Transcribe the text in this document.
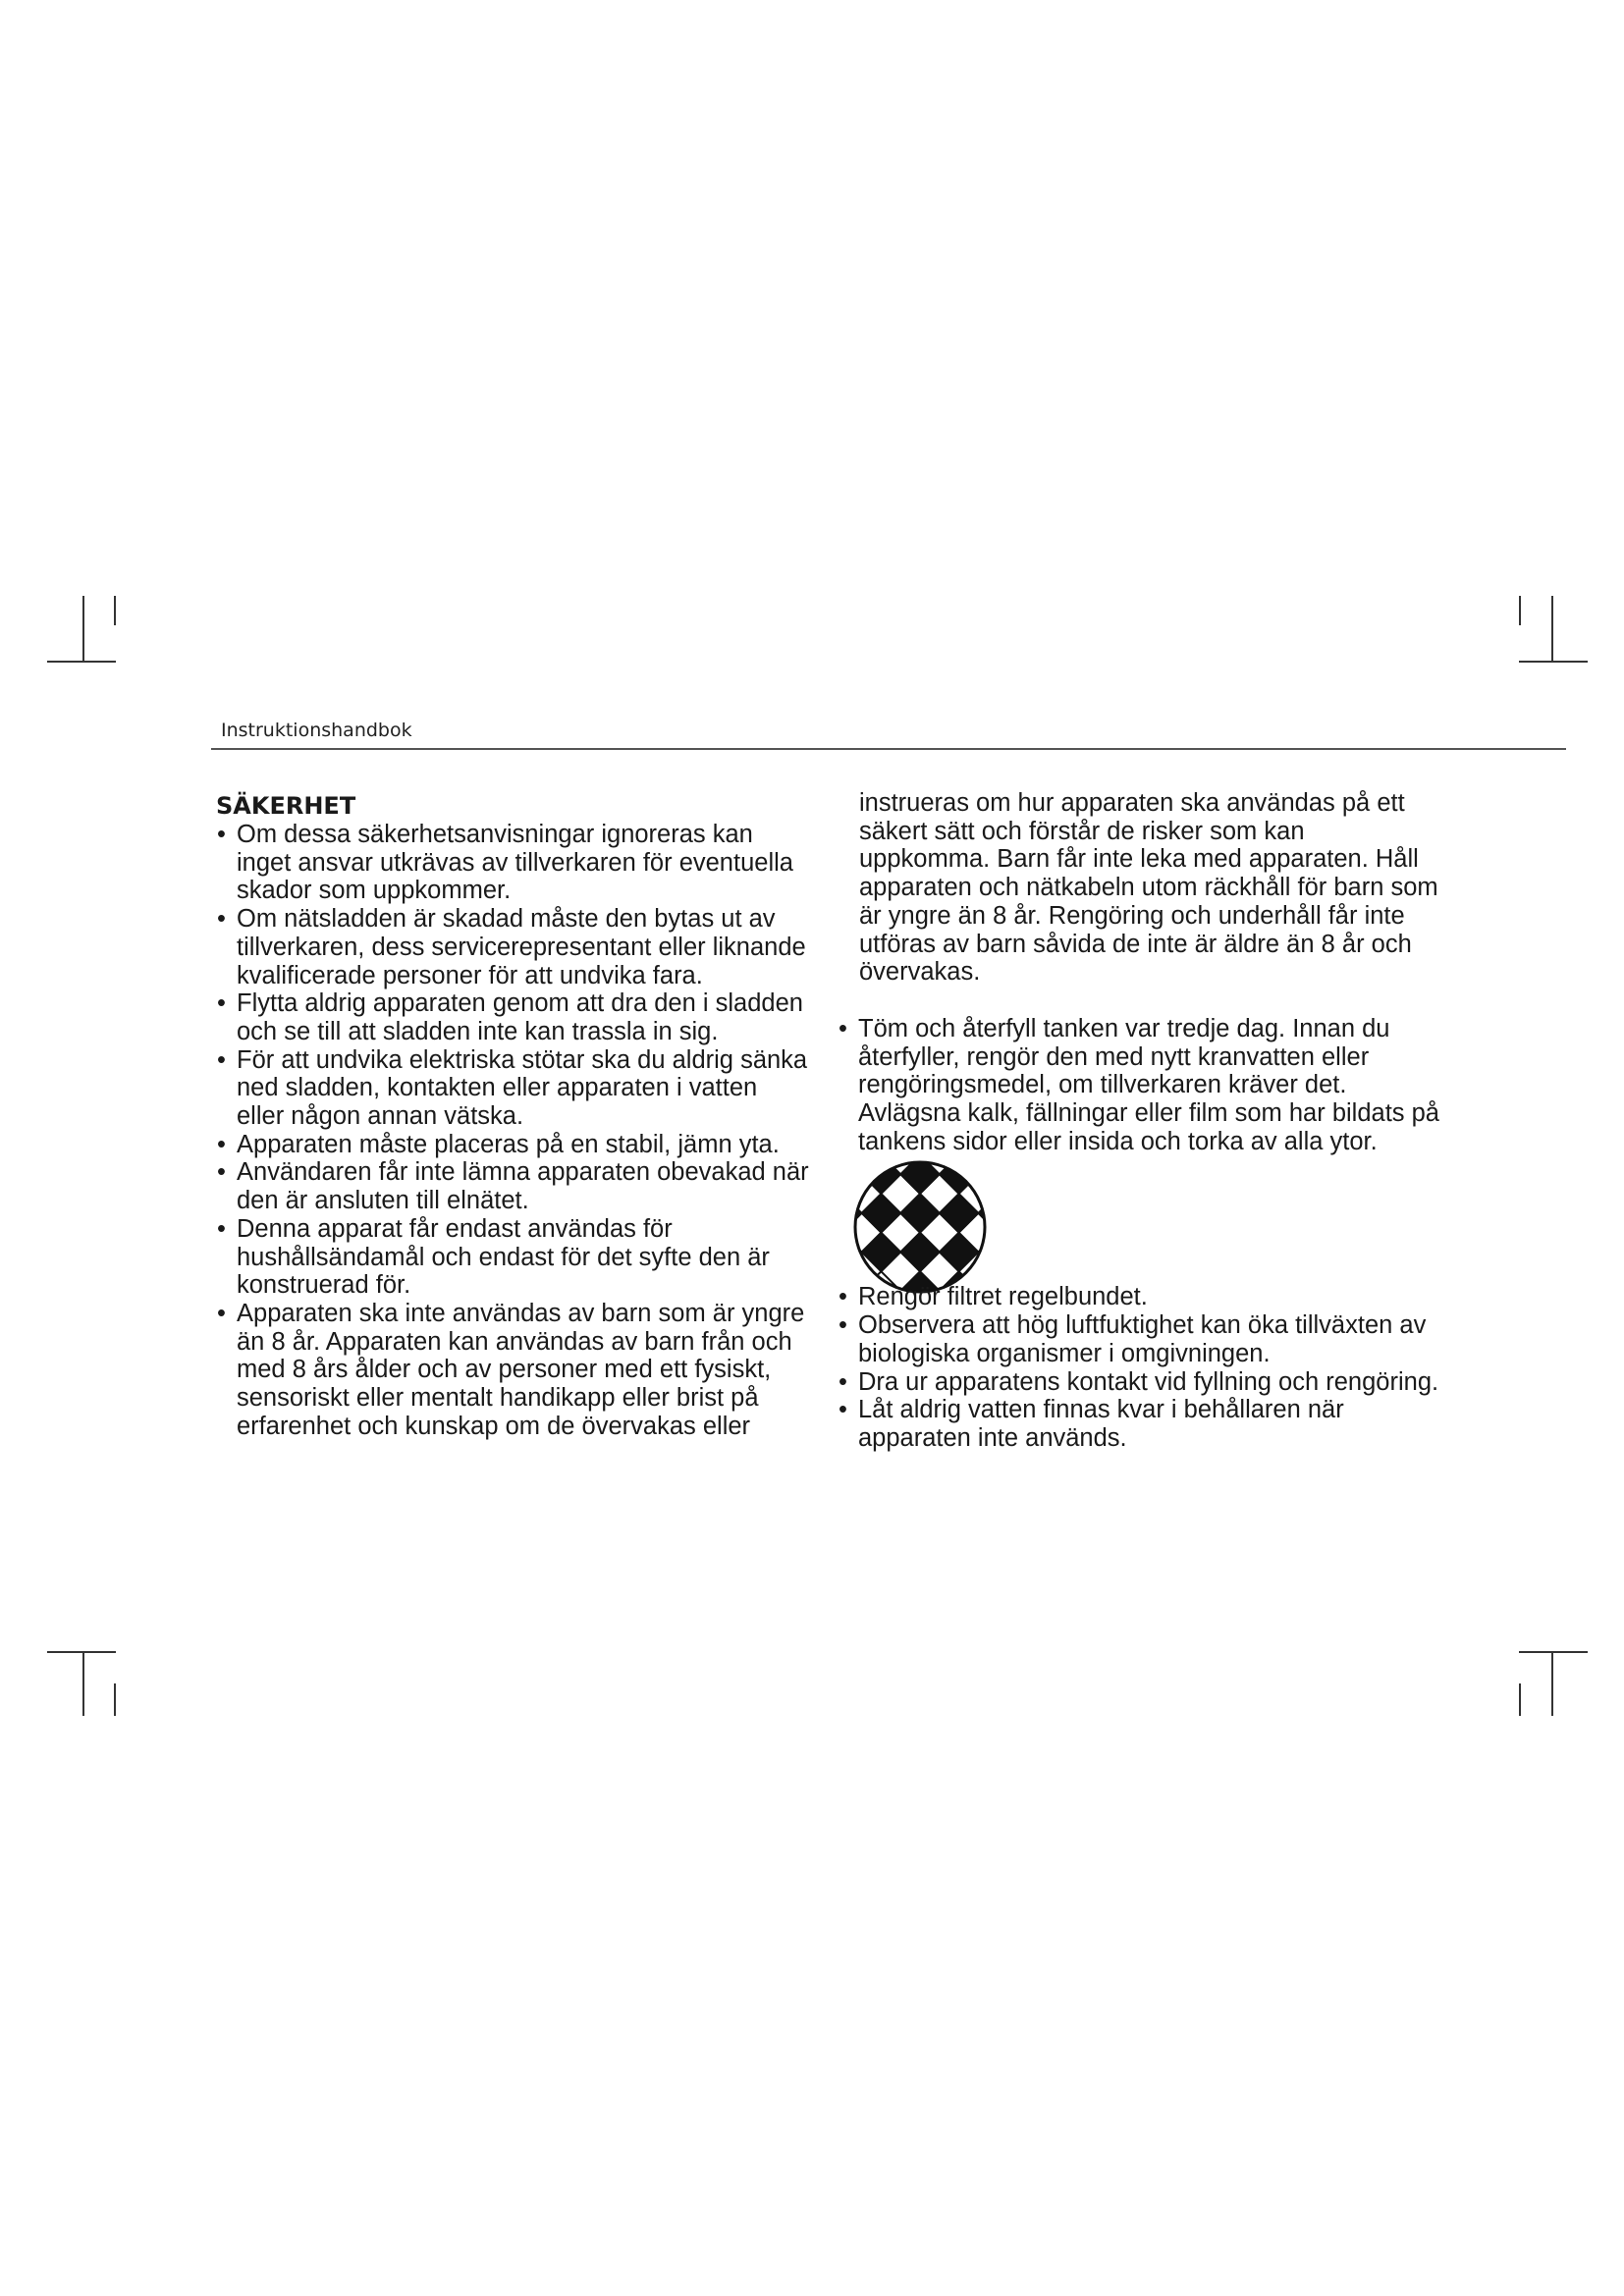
Instruktionshandbok

SÄKERHET

• Om dessa säkerhetsanvisningar ignoreras kan inget ansvar utkrävas av tillverkaren för eventuella skador som uppkommer.
• Om nätsladden är skadad måste den bytas ut av tillverkaren, dess servicerepresentant eller liknande kvalificerade personer för att undvika fara.
• Flytta aldrig apparaten genom att dra den i sladden och se till att sladden inte kan trassla in sig.
• För att undvika elektriska stötar ska du aldrig sänka ned sladden, kontakten eller apparaten i vatten eller någon annan vätska.
• Apparaten måste placeras på en stabil, jämn yta.
• Användaren får inte lämna apparaten obevakad när den är ansluten till elnätet.
• Denna apparat får endast användas för hushållsändamål och endast för det syfte den är konstruerad för.
• Apparaten ska inte användas av barn som är yngre än 8 år. Apparaten kan användas av barn från och med 8 års ålder och av personer med ett fysiskt, sensoriskt eller mentalt handikapp eller brist på erfarenhet och kunskap om de övervakas eller

instrueras om hur apparaten ska användas på ett säkert sätt och förstår de risker som kan uppkomma. Barn får inte leka med apparaten. Håll apparaten och nätkabeln utom räckhåll för barn som är yngre än 8 år. Rengöring och underhåll får inte utföras av barn såvida de inte är äldre än 8 år och övervakas.

• Töm och återfyll tanken var tredje dag. Innan du återfyller, rengör den med nytt kranvatten eller rengöringsmedel, om tillverkaren kräver det. Avlägsna kalk, fällningar eller film som har bildats på tankens sidor eller insida och torka av alla ytor.
• Rengör filtret regelbundet.
• Observera att hög luftfuktighet kan öka tillväxten av biologiska organismer i omgivningen.
• Dra ur apparatens kontakt vid fyllning och rengöring.
• Låt aldrig vatten finnas kvar i behållaren när apparaten inte används.
